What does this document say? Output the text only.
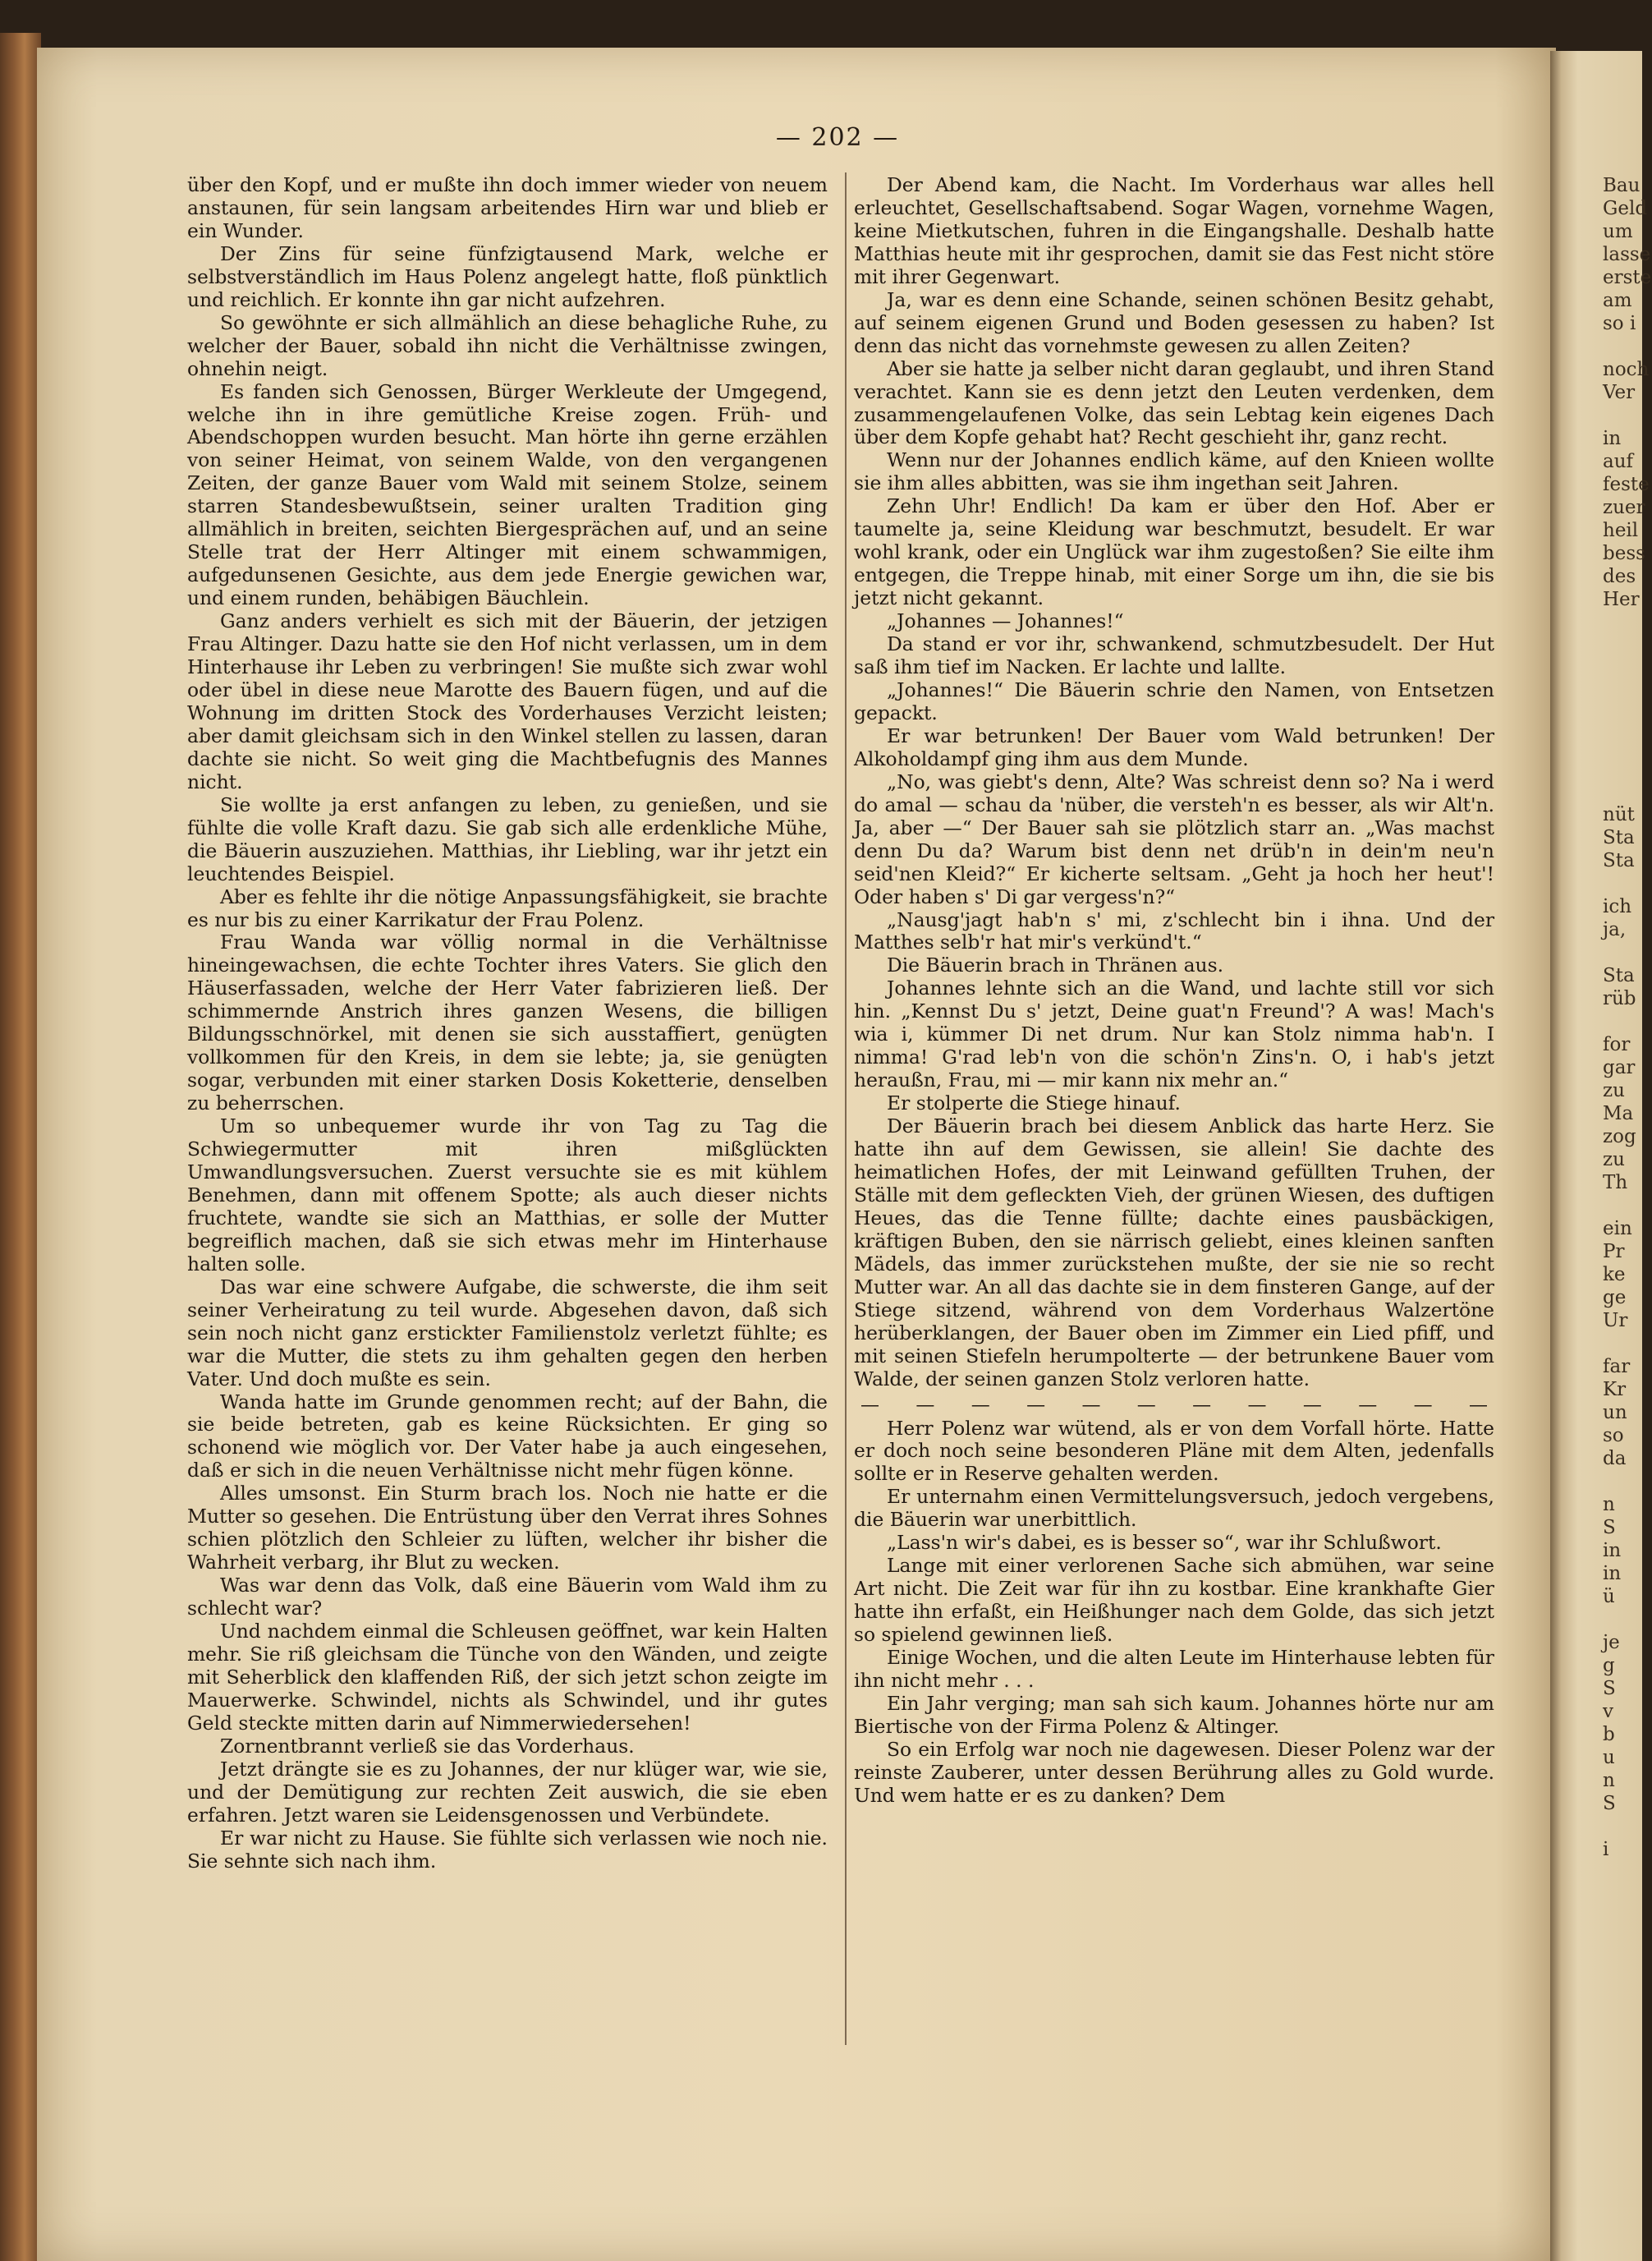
Bau
Geld
um
lasse
erste
am
so i
noch
Ver
in
auf
feste
zuer
heil
bess
des
Her
nüt
Sta
Sta
ich
ja,
Sta
rüb
for
gar
zu
Ma
zog
zu
Th
ein
Pr
ke
ge
Ur
far
Kr
un
so
da
n
S
in
in
ü
je
g
S
v
b
u
n
S
i
— 202 —

über den Kopf, und er mußte ihn doch immer wieder von neuem anstaunen, für sein langsam arbeitendes Hirn war und blieb er ein Wunder.

Der Zins für seine fünfzigtausend Mark, welche er selbstverständlich im Haus Polenz angelegt hatte, floß pünktlich und reichlich. Er konnte ihn gar nicht aufzehren.

So gewöhnte er sich allmählich an diese behagliche Ruhe, zu welcher der Bauer, sobald ihn nicht die Verhältnisse zwingen, ohnehin neigt.

Es fanden sich Genossen, Bürger Werkleute der Umgegend, welche ihn in ihre gemütliche Kreise zogen. Früh- und Abendschoppen wurden besucht. Man hörte ihn gerne erzählen von seiner Heimat, von seinem Walde, von den vergangenen Zeiten, der ganze Bauer vom Wald mit seinem Stolze, seinem starren Standesbewußtsein, seiner uralten Tradition ging allmählich in breiten, seichten Biergesprächen auf, und an seine Stelle trat der Herr Altinger mit einem schwammigen, aufgedunsenen Gesichte, aus dem jede Energie gewichen war, und einem runden, behäbigen Bäuchlein.

Ganz anders verhielt es sich mit der Bäuerin, der jetzigen Frau Altinger. Dazu hatte sie den Hof nicht verlassen, um in dem Hinterhause ihr Leben zu verbringen! Sie mußte sich zwar wohl oder übel in diese neue Marotte des Bauern fügen, und auf die Wohnung im dritten Stock des Vorderhauses Verzicht leisten; aber damit gleichsam sich in den Winkel stellen zu lassen, daran dachte sie nicht. So weit ging die Machtbefugnis des Mannes nicht.

Sie wollte ja erst anfangen zu leben, zu genießen, und sie fühlte die volle Kraft dazu. Sie gab sich alle erdenkliche Mühe, die Bäuerin auszuziehen. Matthias, ihr Liebling, war ihr jetzt ein leuchtendes Beispiel.

Aber es fehlte ihr die nötige Anpassungsfähigkeit, sie brachte es nur bis zu einer Karrikatur der Frau Polenz.

Frau Wanda war völlig normal in die Verhältnisse hineingewachsen, die echte Tochter ihres Vaters. Sie glich den Häuserfassaden, welche der Herr Vater fabrizieren ließ. Der schimmernde Anstrich ihres ganzen Wesens, die billigen Bildungsschnörkel, mit denen sie sich ausstaffiert, genügten vollkommen für den Kreis, in dem sie lebte; ja, sie genügten sogar, verbunden mit einer starken Dosis Koketterie, denselben zu beherrschen.

Um so unbequemer wurde ihr von Tag zu Tag die Schwiegermutter mit ihren mißglückten Umwandlungsversuchen. Zuerst versuchte sie es mit kühlem Benehmen, dann mit offenem Spotte; als auch dieser nichts fruchtete, wandte sie sich an Matthias, er solle der Mutter begreiflich machen, daß sie sich etwas mehr im Hinterhause halten solle.

Das war eine schwere Aufgabe, die schwerste, die ihm seit seiner Verheiratung zu teil wurde. Abgesehen davon, daß sich sein noch nicht ganz erstickter Familienstolz verletzt fühlte; es war die Mutter, die stets zu ihm gehalten gegen den herben Vater. Und doch mußte es sein.

Wanda hatte im Grunde genommen recht; auf der Bahn, die sie beide betreten, gab es keine Rücksichten. Er ging so schonend wie möglich vor. Der Vater habe ja auch eingesehen, daß er sich in die neuen Verhältnisse nicht mehr fügen könne.

Alles umsonst. Ein Sturm brach los. Noch nie hatte er die Mutter so gesehen. Die Entrüstung über den Verrat ihres Sohnes schien plötzlich den Schleier zu lüften, welcher ihr bisher die Wahrheit verbarg, ihr Blut zu wecken.

Was war denn das Volk, daß eine Bäuerin vom Wald ihm zu schlecht war?

Und nachdem einmal die Schleusen geöffnet, war kein Halten mehr. Sie riß gleichsam die Tünche von den Wänden, und zeigte mit Seherblick den klaffenden Riß, der sich jetzt schon zeigte im Mauerwerke. Schwindel, nichts als Schwindel, und ihr gutes Geld steckte mitten darin auf Nimmerwiedersehen!

Zornentbrannt verließ sie das Vorderhaus.

Jetzt drängte sie es zu Johannes, der nur klüger war, wie sie, und der Demütigung zur rechten Zeit auswich, die sie eben erfahren. Jetzt waren sie Leidensgenossen und Verbündete.

Er war nicht zu Hause. Sie fühlte sich verlassen wie noch nie. Sie sehnte sich nach ihm.

Der Abend kam, die Nacht. Im Vorderhaus war alles hell erleuchtet, Gesellschaftsabend. Sogar Wagen, vornehme Wagen, keine Mietkutschen, fuhren in die Eingangshalle. Deshalb hatte Matthias heute mit ihr gesprochen, damit sie das Fest nicht störe mit ihrer Gegenwart.

Ja, war es denn eine Schande, seinen schönen Besitz gehabt, auf seinem eigenen Grund und Boden gesessen zu haben? Ist denn das nicht das vornehmste gewesen zu allen Zeiten?

Aber sie hatte ja selber nicht daran geglaubt, und ihren Stand verachtet. Kann sie es denn jetzt den Leuten verdenken, dem zusammengelaufenen Volke, das sein Lebtag kein eigenes Dach über dem Kopfe gehabt hat? Recht geschieht ihr, ganz recht.

Wenn nur der Johannes endlich käme, auf den Knieen wollte sie ihm alles abbitten, was sie ihm ingethan seit Jahren.

Zehn Uhr! Endlich! Da kam er über den Hof. Aber er taumelte ja, seine Kleidung war beschmutzt, besudelt. Er war wohl krank, oder ein Unglück war ihm zugestoßen? Sie eilte ihm entgegen, die Treppe hinab, mit einer Sorge um ihn, die sie bis jetzt nicht gekannt.

„Johannes — Johannes!“

Da stand er vor ihr, schwankend, schmutzbesudelt. Der Hut saß ihm tief im Nacken. Er lachte und lallte.

„Johannes!“ Die Bäuerin schrie den Namen, von Entsetzen gepackt.

Er war betrunken! Der Bauer vom Wald betrunken! Der Alkoholdampf ging ihm aus dem Munde.

„No, was giebt's denn, Alte? Was schreist denn so? Na i werd do amal — schau da 'nüber, die versteh'n es besser, als wir Alt'n. Ja, aber —“ Der Bauer sah sie plötzlich starr an. „Was machst denn Du da? Warum bist denn net drüb'n in dein'm neu'n seid'nen Kleid?“ Er kicherte seltsam. „Geht ja hoch her heut'! Oder haben s' Di gar vergess'n?“

„Nausg'jagt hab'n s' mi, z'schlecht bin i ihna. Und der Matthes selb'r hat mir's verkünd't.“

Die Bäuerin brach in Thränen aus.

Johannes lehnte sich an die Wand, und lachte still vor sich hin. „Kennst Du s' jetzt, Deine guat'n Freund'? A was! Mach's wia i, kümmer Di net drum. Nur kan Stolz nimma hab'n. I nimma! G'rad leb'n von die schön'n Zins'n. O, i hab's jetzt heraußn, Frau, mi — mir kann nix mehr an.“

Er stolperte die Stiege hinauf.

Der Bäuerin brach bei diesem Anblick das harte Herz. Sie hatte ihn auf dem Gewissen, sie allein! Sie dachte des heimatlichen Hofes, der mit Leinwand gefüllten Truhen, der Ställe mit dem gefleckten Vieh, der grünen Wiesen, des duftigen Heues, das die Tenne füllte; dachte eines pausbäckigen, kräftigen Buben, den sie närrisch geliebt, eines kleinen sanften Mädels, das immer zurückstehen mußte, der sie nie so recht Mutter war. An all das dachte sie in dem finsteren Gange, auf der Stiege sitzend, während von dem Vorderhaus Walzertöne herüberklangen, der Bauer oben im Zimmer ein Lied pfiff, und mit seinen Stiefeln herumpolterte — der betrunkene Bauer vom Walde, der seinen ganzen Stolz verloren hatte.

— — — — — — — — — — — —

Herr Polenz war wütend, als er von dem Vorfall hörte. Hatte er doch noch seine besonderen Pläne mit dem Alten, jedenfalls sollte er in Reserve gehalten werden.

Er unternahm einen Vermittelungsversuch, jedoch vergebens, die Bäuerin war unerbittlich.

„Lass'n wir's dabei, es is besser so“, war ihr Schlußwort.

Lange mit einer verlorenen Sache sich abmühen, war seine Art nicht. Die Zeit war für ihn zu kostbar. Eine krankhafte Gier hatte ihn erfaßt, ein Heißhunger nach dem Golde, das sich jetzt so spielend gewinnen ließ.

Einige Wochen, und die alten Leute im Hinterhause lebten für ihn nicht mehr . . .

Ein Jahr verging; man sah sich kaum. Johannes hörte nur am Biertische von der Firma Polenz & Altinger.

So ein Erfolg war noch nie dagewesen. Dieser Polenz war der reinste Zauberer, unter dessen Berührung alles zu Gold wurde. Und wem hatte er es zu danken? Dem
